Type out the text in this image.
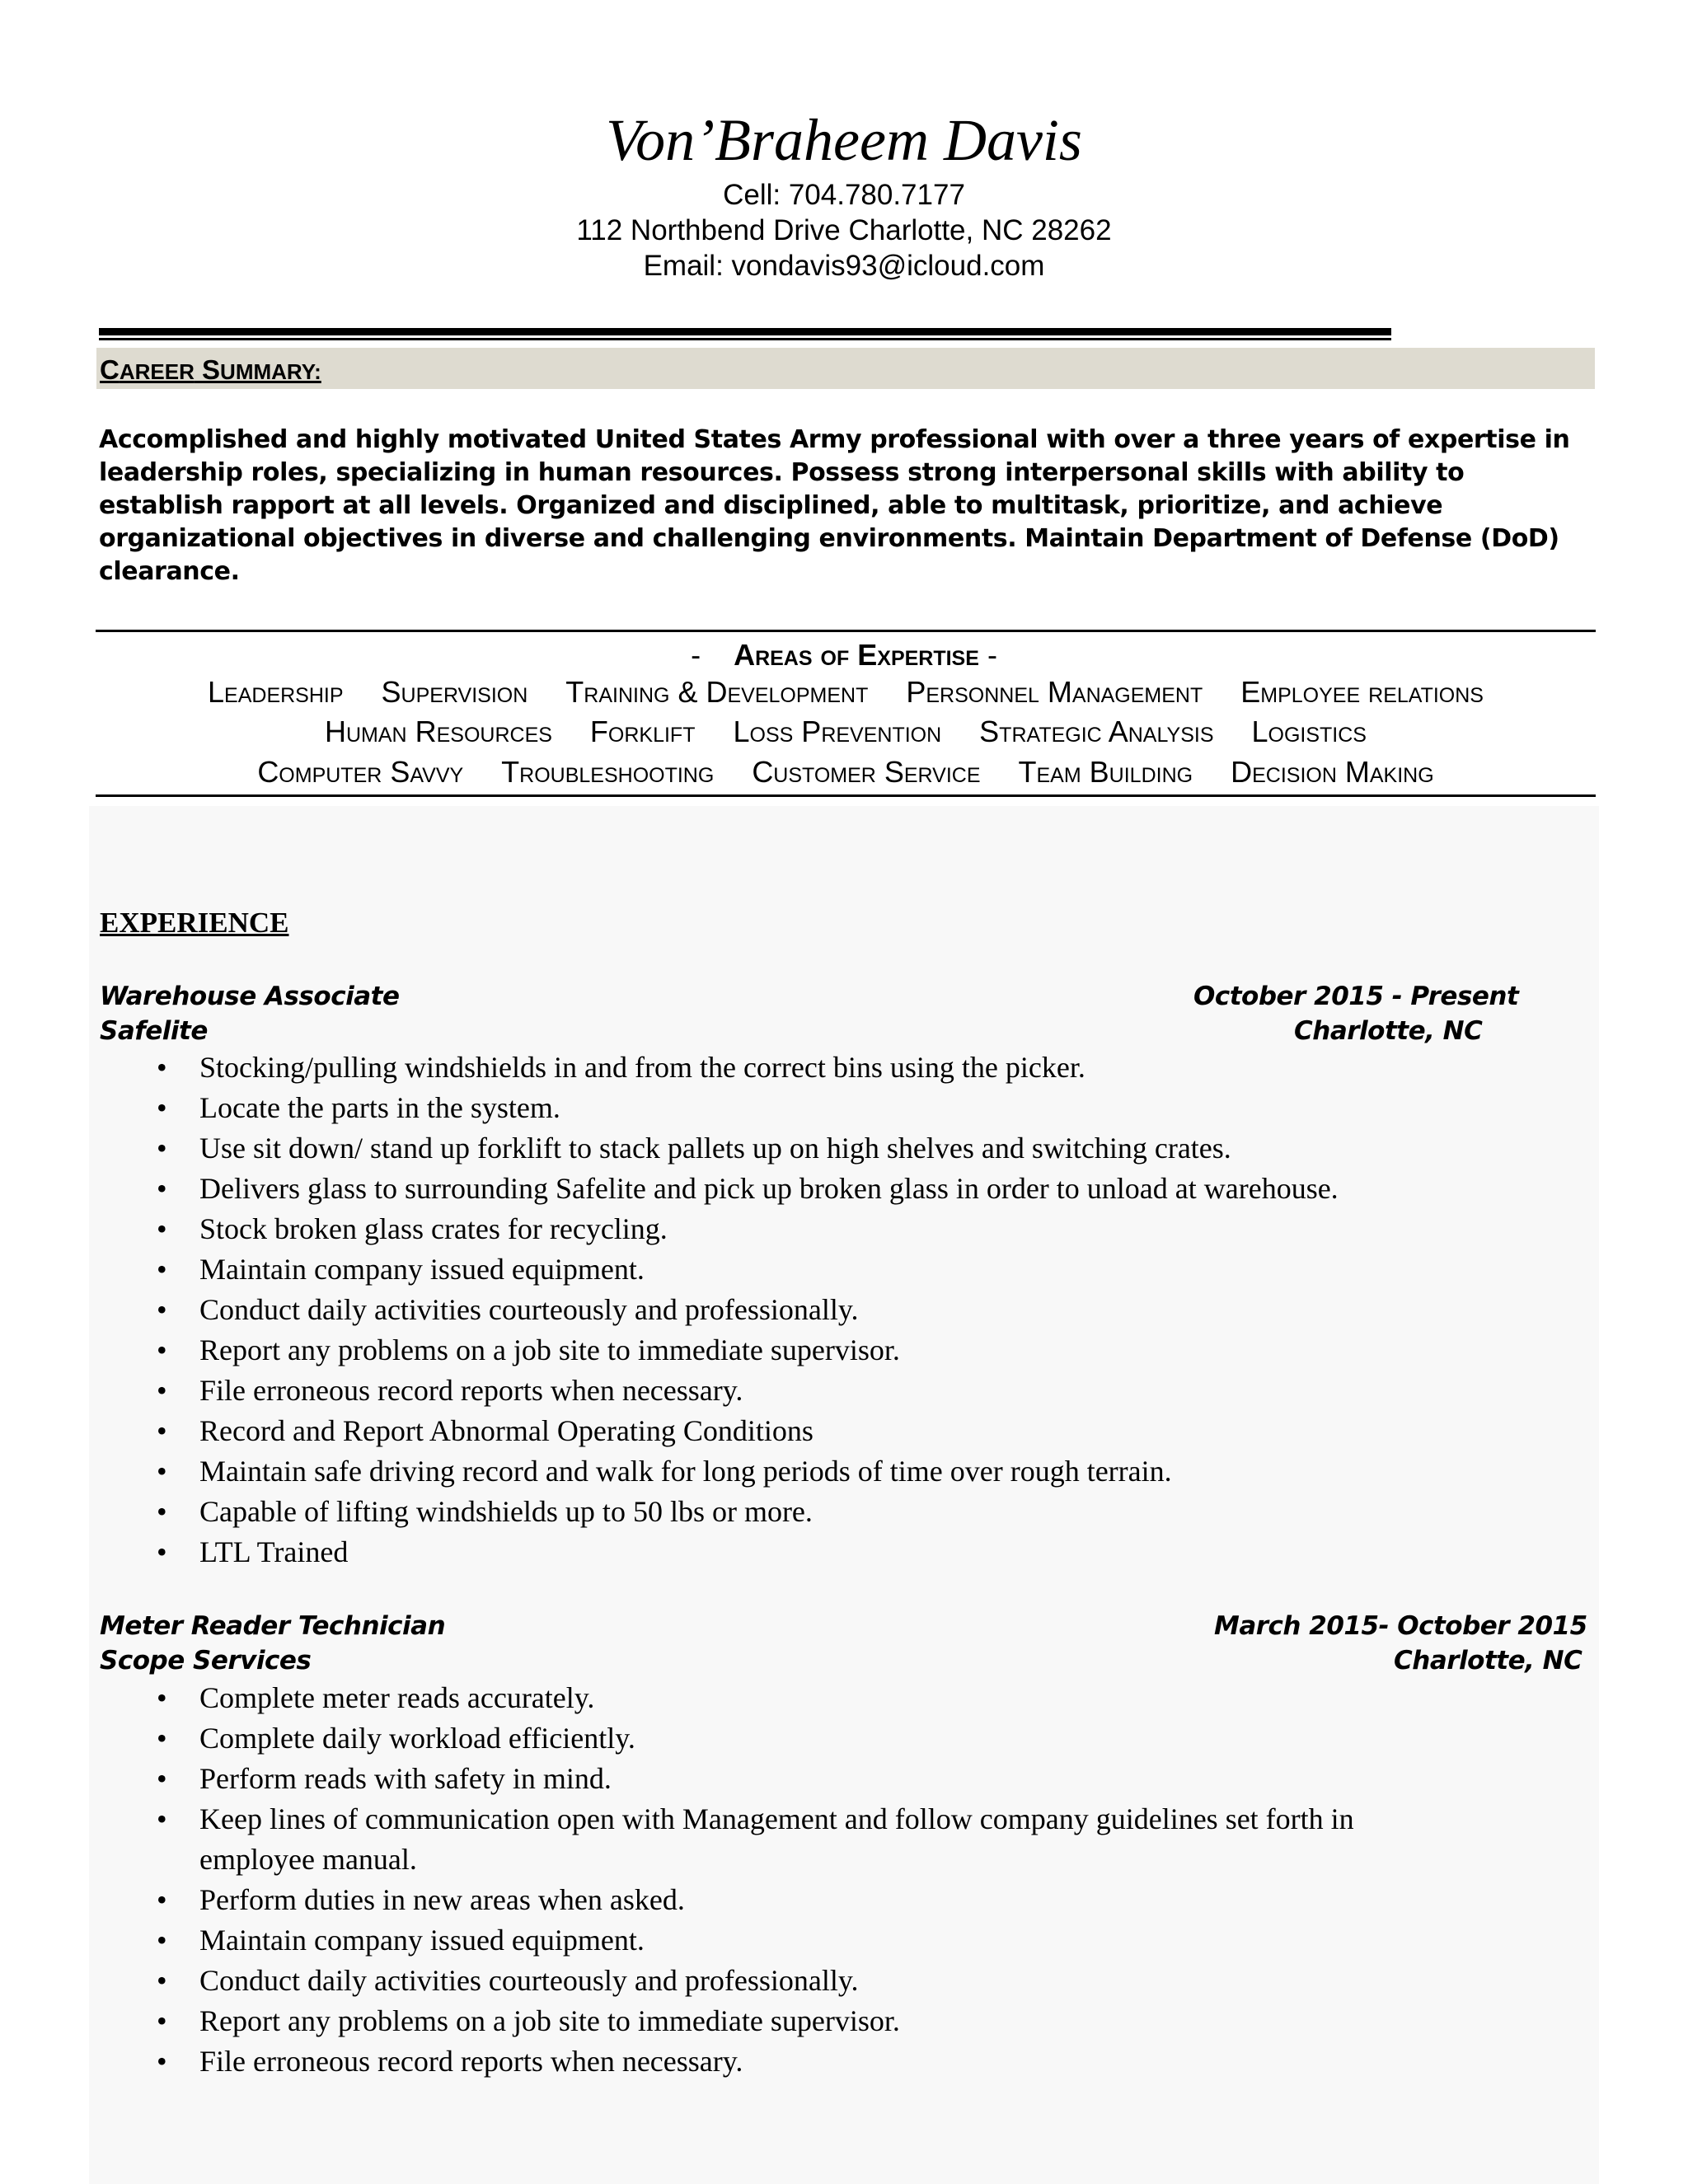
Von’Braheem Davis
Cell: 704.780.7177
112 Northbend Drive Charlotte, NC 28262
Email: vondavis93@icloud.com
CAREER SUMMARY:
Accomplished and highly motivated United States Army professional with over a three years of expertise in
leadership roles, specializing in human resources. Possess strong interpersonal skills with ability to
establish rapport at all levels. Organized and disciplined, able to multitask, prioritize, and achieve
organizational objectives in diverse and challenging environments. Maintain Department of Defense (DoD)
clearance.
- Areas of Expertise -
Leadership Supervision Training & Development Personnel Management Employee relations
Human Resources Forklift Loss Prevention Strategic Analysis Logistics
Computer Savvy Troubleshooting Customer Service Team Building Decision Making
EXPERIENCE
Warehouse Associate	October 2015 - Present
Safelite	Charlotte, NC
• Stocking/pulling windshields in and from the correct bins using the picker.
• Locate the parts in the system.
• Use sit down/ stand up forklift to stack pallets up on high shelves and switching crates.
• Delivers glass to surrounding Safelite and pick up broken glass in order to unload at warehouse.
• Stock broken glass crates for recycling.
• Maintain company issued equipment.
• Conduct daily activities courteously and professionally.
• Report any problems on a job site to immediate supervisor.
• File erroneous record reports when necessary.
• Record and Report Abnormal Operating Conditions
• Maintain safe driving record and walk for long periods of time over rough terrain.
• Capable of lifting windshields up to 50 lbs or more.
• LTL Trained
Meter Reader Technician	March 2015- October 2015
Scope Services	Charlotte, NC
• Complete meter reads accurately.
• Complete daily workload efficiently.
• Perform reads with safety in mind.
• Keep lines of communication open with Management and follow company guidelines set forth in employee manual.
• Perform duties in new areas when asked.
• Maintain company issued equipment.
• Conduct daily activities courteously and professionally.
• Report any problems on a job site to immediate supervisor.
• File erroneous record reports when necessary.
